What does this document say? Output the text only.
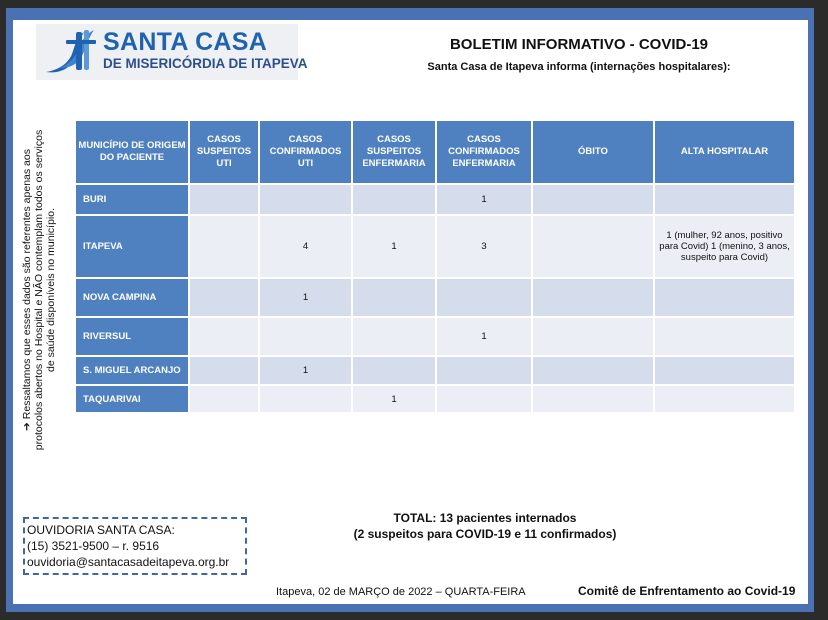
SANTA CASA
DE MISERICÓRDIA DE ITAPEVA
BOLETIM INFORMATIVO - COVID-19
Santa Casa de Itapeva informa (internações hospitalares):
➔ Ressaltamos que esses dados são referentes apenas aos protocolos abertos no Hospital e NÃO contemplam todos os serviços de saúde disponíveis no município.
MUNICÍPIO DE ORIGEM DO PACIENTE	CASOS SUSPEITOS UTI	CASOS CONFIRMADOS UTI	CASOS SUSPEITOS ENFERMARIA	CASOS CONFIRMADOS ENFERMARIA	ÓBITO	ALTA HOSPITALAR
BURI				1		
ITAPEVA		4	1	3		1 (mulher, 92 anos, positivo para Covid) 1 (menino, 3 anos, suspeito para Covid)
NOVA CAMPINA		1				
RIVERSUL				1		
S. MIGUEL ARCANJO		1				
TAQUARIVAI			1			
OUVIDORIA SANTA CASA:
(15) 3521-9500 – r. 9516
ouvidoria@santacasadeitapeva.org.br
TOTAL: 13 pacientes internados
(2 suspeitos para COVID-19 e 11 confirmados)
Itapeva, 02 de MARÇO de 2022 – QUARTA-FEIRA	Comitê de Enfrentamento ao Covid-19
